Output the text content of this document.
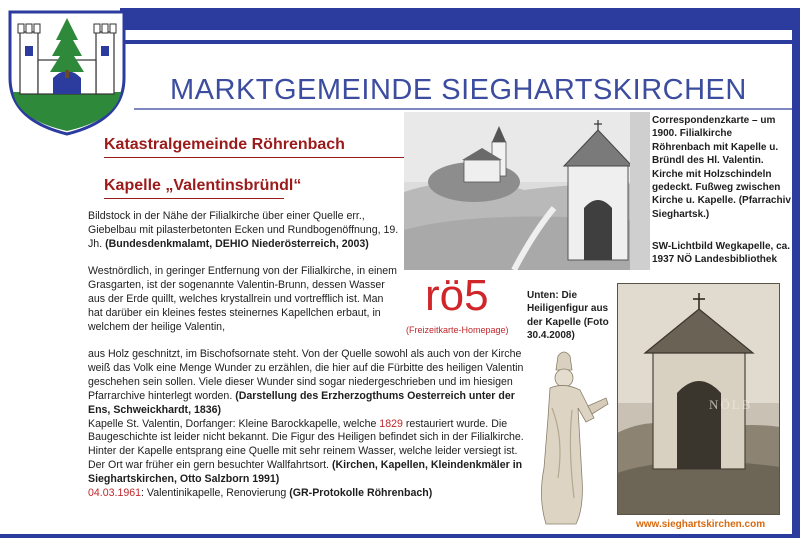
MARKTGEMEINDE SIEGHARTSKIRCHEN
Katastralgemeinde Röhrenbach
Kapelle „Valentinsbründl“
Bildstock in der Nähe der Filialkirche über einer Quelle err., Giebelbau mit pilasterbetonten Ecken und Rundbogenöffnung, 19. Jh. (Bundesdenkmalamt, DEHIO Niederösterreich, 2003)
Westnördlich, in geringer Entfernung von der Filialkirche, in einem Grasgarten, ist der sogenannte Valentin-Brunn, dessen Wasser aus der Erde quillt, welches krystallrein und vortrefflich ist. Man hat darüber ein kleines festes steinernes Kapellchen erbaut, in welchem der heilige Valentin,
aus Holz geschnitzt, im Bischofsornate steht. Von der Quelle sowohl als auch von der Kirche weiß das Volk eine Menge Wunder zu erzählen, die hier auf die Fürbitte des heiligen Valentin geschehen sein sollen. Viele dieser Wunder sind sogar niedergeschrieben und im hiesigen Pfarrarchive hinterlegt worden. (Darstellung des Erzherzogthums Oesterreich unter der Ens, Schweickhardt, 1836)
Kapelle St. Valentin, Dorfanger: Kleine Barockkapelle, welche 1829 restauriert wurde. Die Baugeschichte ist leider nicht bekannt. Die Figur des Heiligen befindet sich in der Filialkirche. Hinter der Kapelle entsprang eine Quelle mit sehr reinem Wasser, welche leider versiegt ist. Der Ort war früher ein gern besuchter Wallfahrtsort. (Kirchen, Kapellen, Kleindenkmäler in Sieghartskirchen, Otto Salzborn 1991)
04.03.1961: Valentinikapelle, Renovierung (GR-Protokolle Röhrenbach)
rö5
(Freizeitkarte-Homepage)
NÖLB
Correspondenzkarte – um 1900. Filialkirche Röhrenbach mit Kapelle u. Bründl des Hl. Valentin. Kirche mit Holzschindeln gedeckt. Fußweg zwischen Kirche u. Kapelle. (Pfarrachiv Sieghartsk.)
SW-Lichtbild Wegkapelle, ca. 1937 NÖ Landesbibliothek
Unten: Die Heiligenfigur aus der Kapelle (Foto 30.4.2008)
www.sieghartskirchen.com
